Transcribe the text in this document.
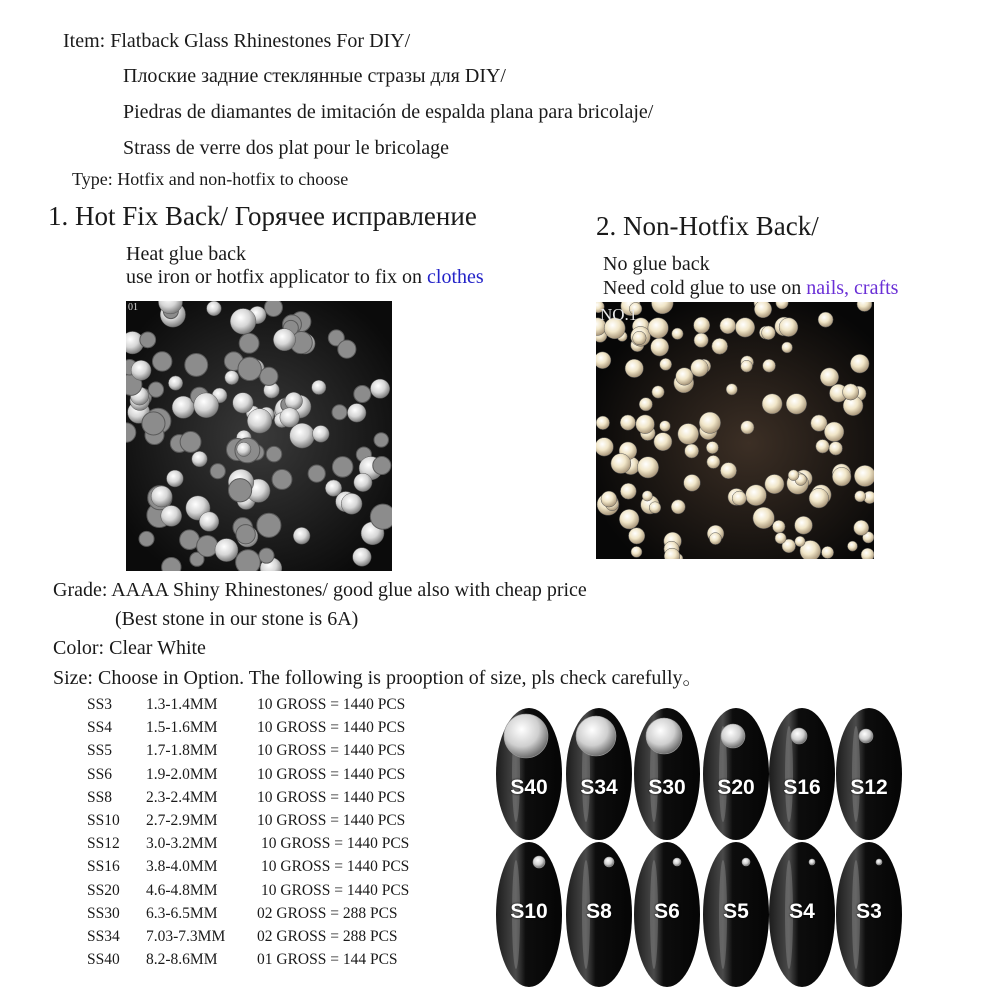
Item: Flatback Glass Rhinestones For DIY/
Плоские задние стеклянные стразы для DIY/
Piedras de diamantes de imitación de espalda plana para bricolaje/
Strass de verre dos plat pour le bricolage
Type: Hotfix and non-hotfix to choose
1. Hot Fix Back/ Горячее исправление
Heat glue back
use iron or hotfix applicator to fix on clothes
01
2. Non-Hotfix Back/
No glue back
Need cold glue to use on nails, crafts
NO.1
Grade: AAAA Shiny Rhinestones/ good glue also with cheap price
(Best stone in our stone is 6A)
Color: Clear White
Size: Choose in Option. The following is prooption of size, pls check carefully。
SS3 1.3-1.4MM	10 GROSS = 1440 PCS
SS4 1.5-1.6MM	10 GROSS = 1440 PCS
SS5 1.7-1.8MM	10 GROSS = 1440 PCS
SS6 1.9-2.0MM	10 GROSS = 1440 PCS
SS8 2.3-2.4MM	10 GROSS = 1440 PCS
SS10 2.7-2.9MM	10 GROSS = 1440 PCS
SS12 3.0-3.2MM	10 GROSS = 1440 PCS
SS16 3.8-4.0MM	10 GROSS = 1440 PCS
SS20 4.6-4.8MM	10 GROSS = 1440 PCS
SS30 6.3-6.5MM	02 GROSS = 288 PCS
SS34 7.03-7.3MM 02 GROSS = 288 PCS
SS40 8.2-8.6MM	01 GROSS = 144 PCS
S40 S34 S30 S20 S16 S12
S10 S8 S6 S5 S4 S3
